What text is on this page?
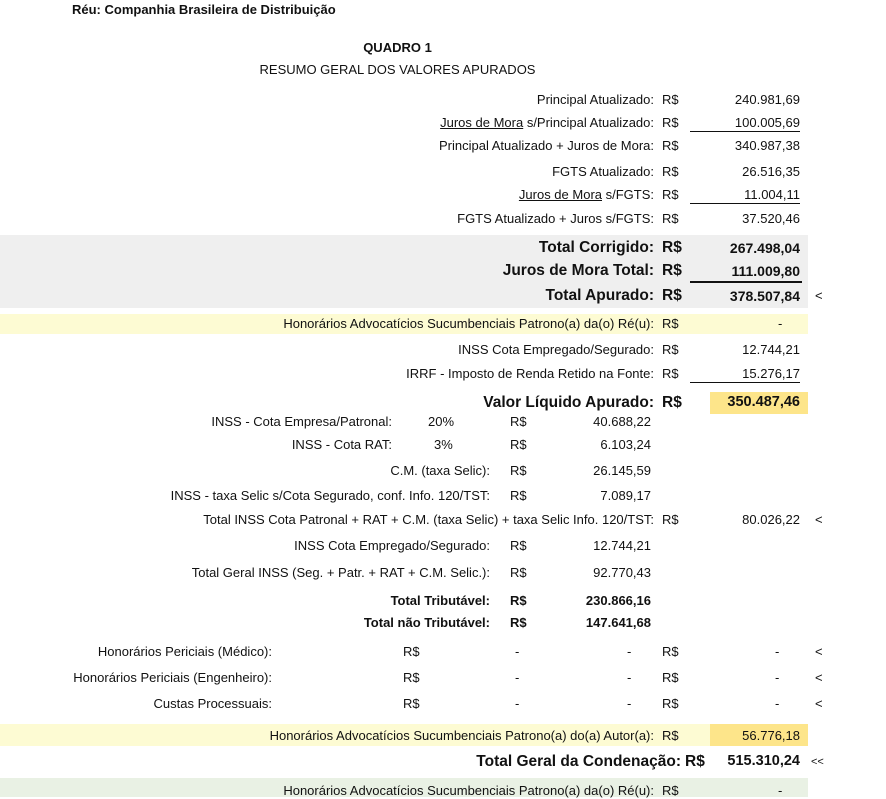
Réu: Companhia Brasileira de Distribuição
QUADRO 1
RESUMO GERAL DOS VALORES APURADOS
Principal Atualizado: R$	240.981,69
Juros de Mora s/Principal Atualizado: R$	100.005,69
Principal Atualizado + Juros de Mora: R$	340.987,38
FGTS Atualizado: R$	26.516,35
Juros de Mora s/FGTS: R$	11.004,11
FGTS Atualizado + Juros s/FGTS: R$	37.520,46
Total Corrigido: R$	267.498,04
Juros de Mora Total: R$	111.009,80
Total Apurado: R$	378.507,84 <
Honorários Advocatícios Sucumbenciais Patrono(a) da(o) Ré(u): R$	-
INSS Cota Empregado/Segurado: R$	12.744,21
IRRF - Imposto de Renda Retido na Fonte: R$	15.276,17
Valor Líquido Apurado: R$	350.487,46
INSS - Cota Empresa/Patronal:	20%	R$	40.688,22
INSS - Cota RAT:	3%	R$	6.103,24
C.M. (taxa Selic): R$	26.145,59
INSS - taxa Selic s/Cota Segurado, conf. Info. 120/TST: R$	7.089,17
Total INSS Cota Patronal + RAT + C.M. (taxa Selic) + taxa Selic Info. 120/TST: R$	80.026,22 <
INSS Cota Empregado/Segurado: R$	12.744,21
Total Geral INSS (Seg. + Patr. + RAT + C.M. Selic.): R$	92.770,43
Total Tributável: R$	230.866,16
Total não Tributável: R$	147.641,68
Honorários Periciais (Médico):	R$	-	- R$	-	<
Honorários Periciais (Engenheiro):	R$	-	- R$	-	<
Custas Processuais:	R$	-	- R$	-	<
Honorários Advocatícios Sucumbenciais Patrono(a) do(a) Autor(a): R$	56.776,18
Total Geral da Condenação: R$ 515.310,24 <<
Honorários Advocatícios Sucumbenciais Patrono(a) da(o) Ré(u): R$	-
